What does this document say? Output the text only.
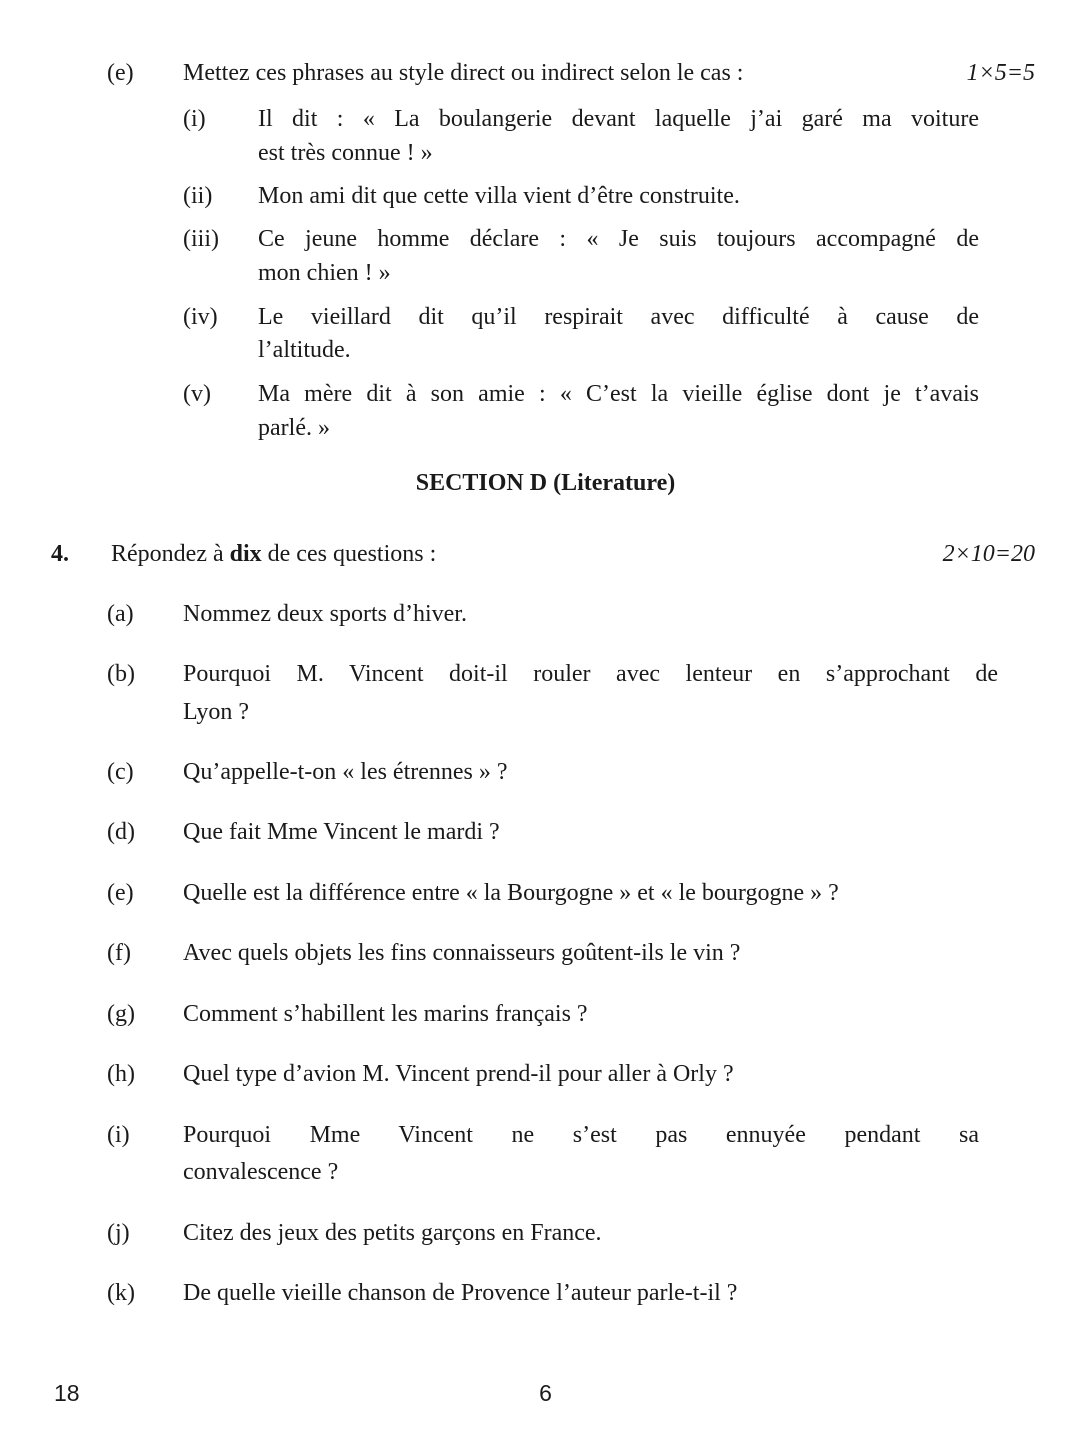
(e) Mettez ces phrases au style direct ou indirect selon le cas :	1×5=5
(i) Il dit : « La boulangerie devant laquelle j’ai garé ma voiture
est très connue ! »
(ii) Mon ami dit que cette villa vient d’être construite.
(iii) Ce jeune homme déclare : « Je suis toujours accompagné de
mon chien ! »
(iv) Le vieillard dit qu’il respirait avec difficulté à cause de
l’altitude.
(v) Ma mère dit à son amie : « C’est la vieille église dont je t’avais
parlé. »
SECTION D (Literature)
4. Répondez à dix de ces questions :	2×10=20
(a) Nommez deux sports d’hiver.
(b) Pourquoi M. Vincent doit-il rouler avec lenteur en s’approchant de
Lyon ?
(c) Qu’appelle-t-on « les étrennes » ?
(d) Que fait Mme Vincent le mardi ?
(e) Quelle est la différence entre « la Bourgogne » et « le bourgogne » ?
(f) Avec quels objets les fins connaisseurs goûtent-ils le vin ?
(g) Comment s’habillent les marins français ?
(h) Quel type d’avion M. Vincent prend-il pour aller à Orly ?
(i) Pourquoi Mme Vincent ne s’est pas ennuyée pendant sa
convalescence ?
(j) Citez des jeux des petits garçons en France.
(k) De quelle vieille chanson de Provence l’auteur parle-t-il ?
18	6
